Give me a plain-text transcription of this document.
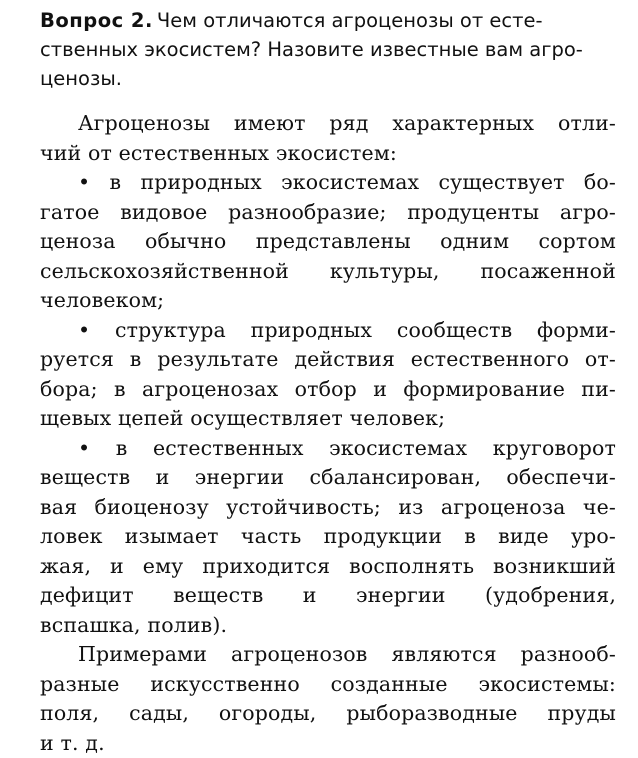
Вопрос 2. Чем отличаются агроценозы от есте-
ственных экосистем? Назовите известные вам агро-
ценозы.
Агроценозы имеют ряд характерных отли-
чий от естественных экосистем:
• в природных экосистемах существует бо-
гатое видовое разнообразие; продуценты агро-
ценоза обычно представлены одним сортом
сельскохозяйственной культуры, посаженной
человеком;
• структура природных сообществ форми-
руется в результате действия естественного от-
бора; в агроценозах отбор и формирование пи-
щевых цепей осуществляет человек;
• в естественных экосистемах круговорот
веществ и энергии сбалансирован, обеспечи-
вая биоценозу устойчивость; из агроценоза че-
ловек изымает часть продукции в виде уро-
жая, и ему приходится восполнять возникший
дефицит веществ и энергии (удобрения,
вспашка, полив).
Примерами агроценозов являются разнооб-
разные искусственно созданные экосистемы:
поля, сады, огороды, рыборазводные пруды
и т. д.
